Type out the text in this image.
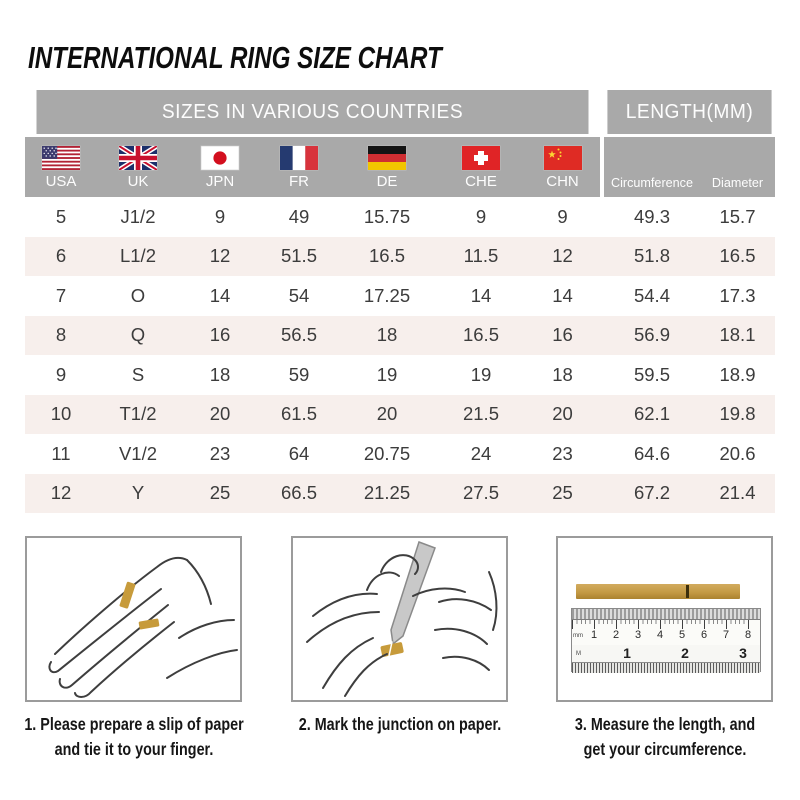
INTERNATIONAL RING SIZE CHART
SIZES IN VARIOUS COUNTRIES	LENGTH(MM)
USA	UK	JPN	FR	DE	CHE	CHN	Circumference	Diameter
5	J1/2	9	49	15.75	9	9	49.3	15.7
6	L1/2	12	51.5	16.5	11.5	12	51.8	16.5
7	O	14	54	17.25	14	14	54.4	17.3
8	Q	16	56.5	18	16.5	16	56.9	18.1
9	S	18	59	19	19	18	59.5	18.9
10	T1/2	20	61.5	20	21.5	20	62.1	19.8
11	V1/2	23	64	20.75	24	23	64.6	20.6
12	Y	25	66.5	21.25	27.5	25	67.2	21.4
mm 1 2 3 4 5 6 7 8
M	1	2	3
1. Please prepare a slip of paper
and tie it to your finger.
2. Mark the junction on paper.	3. Measure the length, and
get your circumference.
